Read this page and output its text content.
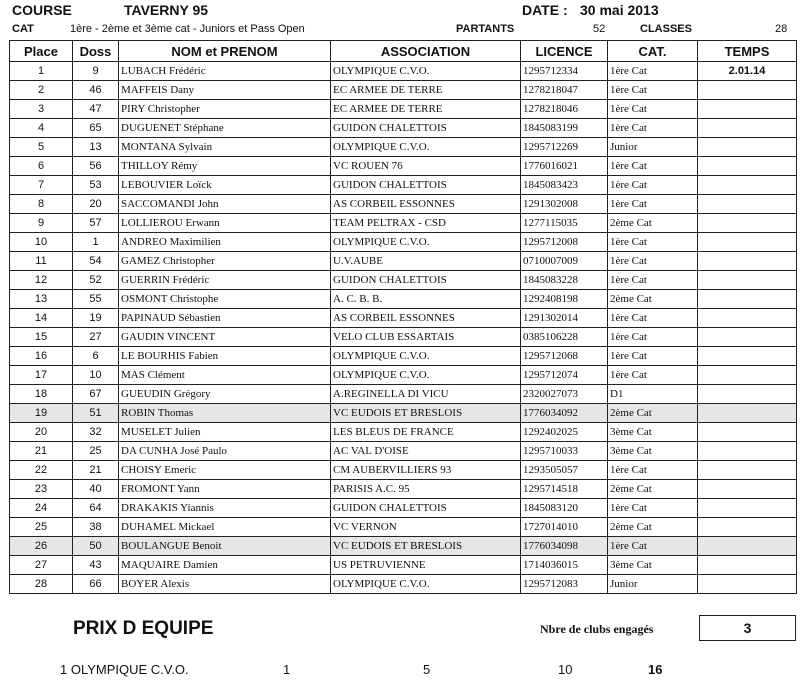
COURSE	TAVERNY 95	DATE : 30 mai 2013
CAT	1ère - 2ème et 3ème cat - Juniors et Pass Open	PARTANTS	52	CLASSES	28
Place	Doss	NOM et PRENOM	ASSOCIATION	LICENCE	CAT.	TEMPS
1	9	LUBACH Frédéric	OLYMPIQUE C.V.O.	1295712334	1ère Cat	2.01.14
2	46	MAFFEIS Dany	EC ARMEE DE TERRE	1278218047	1ère Cat	
3	47	PIRY Christopher	EC ARMEE DE TERRE	1278218046	1ère Cat	
4	65	DUGUENET Stéphane	GUIDON CHALETTOIS	1845083199	1ère Cat	
5	13	MONTANA Sylvain	OLYMPIQUE C.V.O.	1295712269	Junior	
6	56	THILLOY Rémy	VC ROUEN 76	1776016021	1ère Cat	
7	53	LEBOUVIER Loïck	GUIDON CHALETTOIS	1845083423	1ère Cat	
8	20	SACCOMANDI John	AS CORBEIL ESSONNES	1291302008	1ère Cat	
9	57	LOLLIEROU Erwann	TEAM PELTRAX - CSD	1277115035	2ème Cat	
10	1	ANDREO Maximilien	OLYMPIQUE C.V.O.	1295712008	1ère Cat	
11	54	GAMEZ Christopher	U.V.AUBE	0710007009	1ère Cat	
12	52	GUERRIN Frédéric	GUIDON CHALETTOIS	1845083228	1ère Cat	
13	55	OSMONT Christophe	A. C. B. B.	1292408198	2ème Cat	
14	19	PAPINAUD Sébastien	AS CORBEIL ESSONNES	1291302014	1ère Cat	
15	27	GAUDIN VINCENT	VELO CLUB ESSARTAIS	0385106228	1ère Cat	
16	6	LE BOURHIS Fabien	OLYMPIQUE C.V.O.	1295712068	1ère Cat	
17	10	MAS Clément	OLYMPIQUE C.V.O.	1295712074	1ère Cat	
18	67	GUEUDIN Grégory	A.REGINELLA DI VICU	2320027073	D1	
19	51	ROBIN Thomas	VC EUDOIS ET BRESLOIS	1776034092	2ème Cat	
20	32	MUSELET Julien	LES BLEUS DE FRANCE	1292402025	3ème Cat	
21	25	DA CUNHA José Paulo	AC VAL D'OISE	1295710033	3ème Cat	
22	21	CHOISY Emeric	CM AUBERVILLIERS 93	1293505057	1ère Cat	
23	40	FROMONT Yann	PARISIS A.C. 95	1295714518	2ème Cat	
24	64	DRAKAKIS Yiannis	GUIDON CHALETTOIS	1845083120	1ère Cat	
25	38	DUHAMEL Mickael	VC VERNON	1727014010	2ème Cat	
26	50	BOULANGUE Benoit	VC EUDOIS ET BRESLOIS	1776034098	1ère Cat	
27	43	MAQUAIRE Damien	US PETRUVIENNE	1714036015	3ème Cat	
28	66	BOYER Alexis	OLYMPIQUE C.V.O.	1295712083	Junior	
PRIX D EQUIPE	Nbre de clubs engagés	3
1 OLYMPIQUE C.V.O.	1	5	10	16
